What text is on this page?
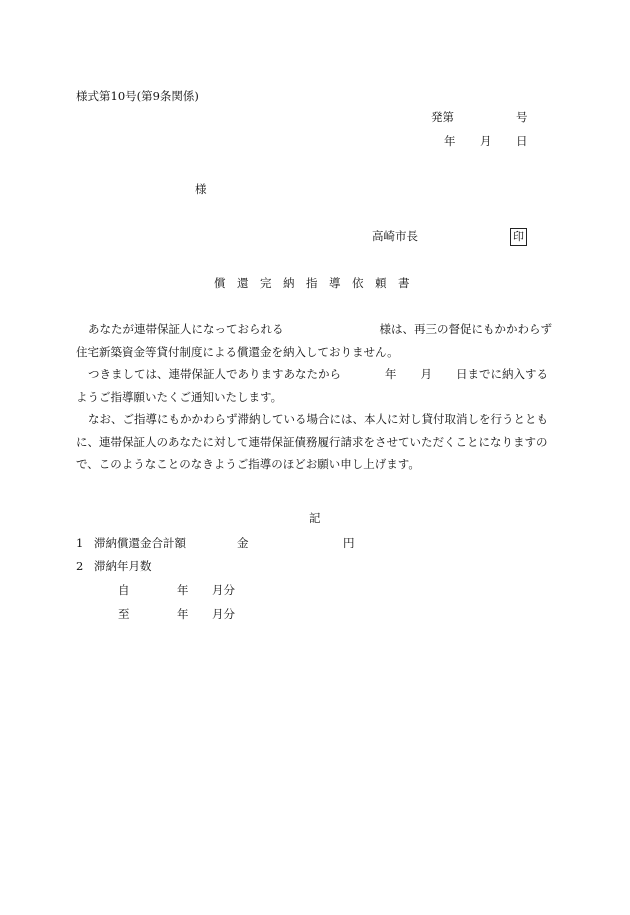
様式第10号(第9条関係)
発第	号
年 月 日
様
高崎市長	印
償　還　完　納　指　導　依　頼　書
あなたが連帯保証人になっておられる	様は、再三の督促にもかかわらず住宅新築資金等貸付制度による償還金を納入しておりません。
つきましては、連帯保証人でありますあなたから	年 月 日までに納入するようご指導願いたくご通知いたします。
なお、ご指導にもかかわらず滞納している場合には、本人に対し貸付取消しを行うとともに、連帯保証人のあなたに対して連帯保証債務履行請求をさせていただくことになりますので、このようなことのなきようご指導のほどお願い申し上げます。
記
1 滞納償還金合計額	金	円
2 滞納年月数
自	年 月分
至	年 月分
